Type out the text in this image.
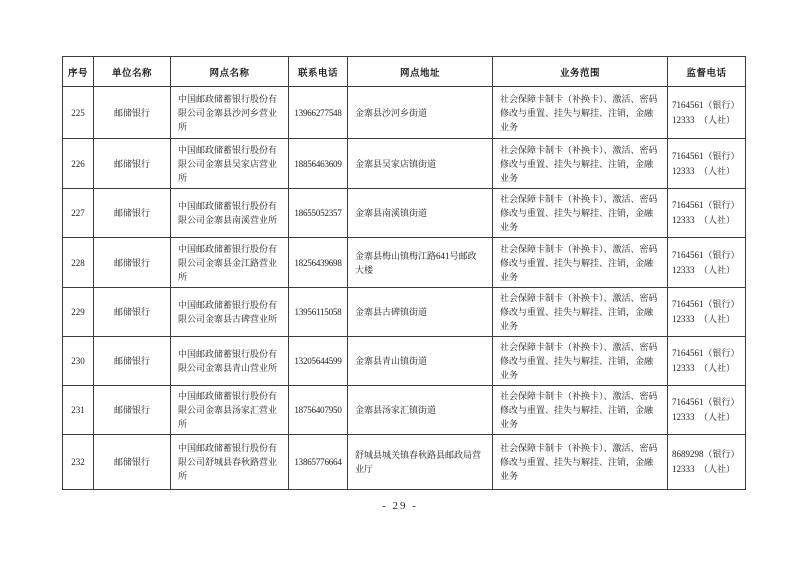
序号	单位名称	网点名称	联系电话	网点地址	业务范围	监督电话
225	邮储银行	中国邮政储蓄银行股份有限公司金寨县沙河乡营业所	13966277548	金寨县沙河乡街道	社会保障卡制卡（补换卡）、激活、密码修改与重置、挂失与解挂、注销，金融业务	7164561（银行）
12333　（人社）

226	邮储银行	中国邮政储蓄银行股份有限公司金寨县吴家店营业所	18856463609	金寨县吴家店镇街道	社会保障卡制卡（补换卡）、激活、密码修改与重置、挂失与解挂、注销，金融业务	7164561（银行）
12333　（人社）

227	邮储银行	中国邮政储蓄银行股份有限公司金寨县南溪营业所	18655052357	金寨县南溪镇街道	社会保障卡制卡（补换卡）、激活、密码修改与重置、挂失与解挂、注销，金融业务	7164561（银行）
12333　（人社）

228	邮储银行	中国邮政储蓄银行股份有限公司金寨县金江路营业所	18256439698	金寨县梅山镇梅江路641号邮政大楼	社会保障卡制卡（补换卡）、激活、密码修改与重置、挂失与解挂、注销，金融业务	7164561（银行）
12333　（人社）

229	邮储银行	中国邮政储蓄银行股份有限公司金寨县古碑营业所	13956115058	金寨县古碑镇街道	社会保障卡制卡（补换卡）、激活、密码修改与重置、挂失与解挂、注销，金融业务	7164561（银行）
12333　（人社）

230	邮储银行	中国邮政储蓄银行股份有限公司金寨县青山营业所	13205644599	金寨县青山镇街道	社会保障卡制卡（补换卡）、激活、密码修改与重置、挂失与解挂、注销，金融业务	7164561（银行）
12333　（人社）

231	邮储银行	中国邮政储蓄银行股份有限公司金寨县汤家汇营业所	18756407950	金寨县汤家汇镇街道	社会保障卡制卡（补换卡）、激活、密码修改与重置、挂失与解挂、注销，金融业务	7164561（银行）
12333　（人社）

232	邮储银行	中国邮政储蓄银行股份有限公司舒城县春秋路营业所	13865776664	舒城县城关镇春秋路县邮政局营业厅	社会保障卡制卡（补换卡）、激活、密码修改与重置、挂失与解挂、注销，金融业务	8689298（银行）
12333　（人社）
- 29 -
